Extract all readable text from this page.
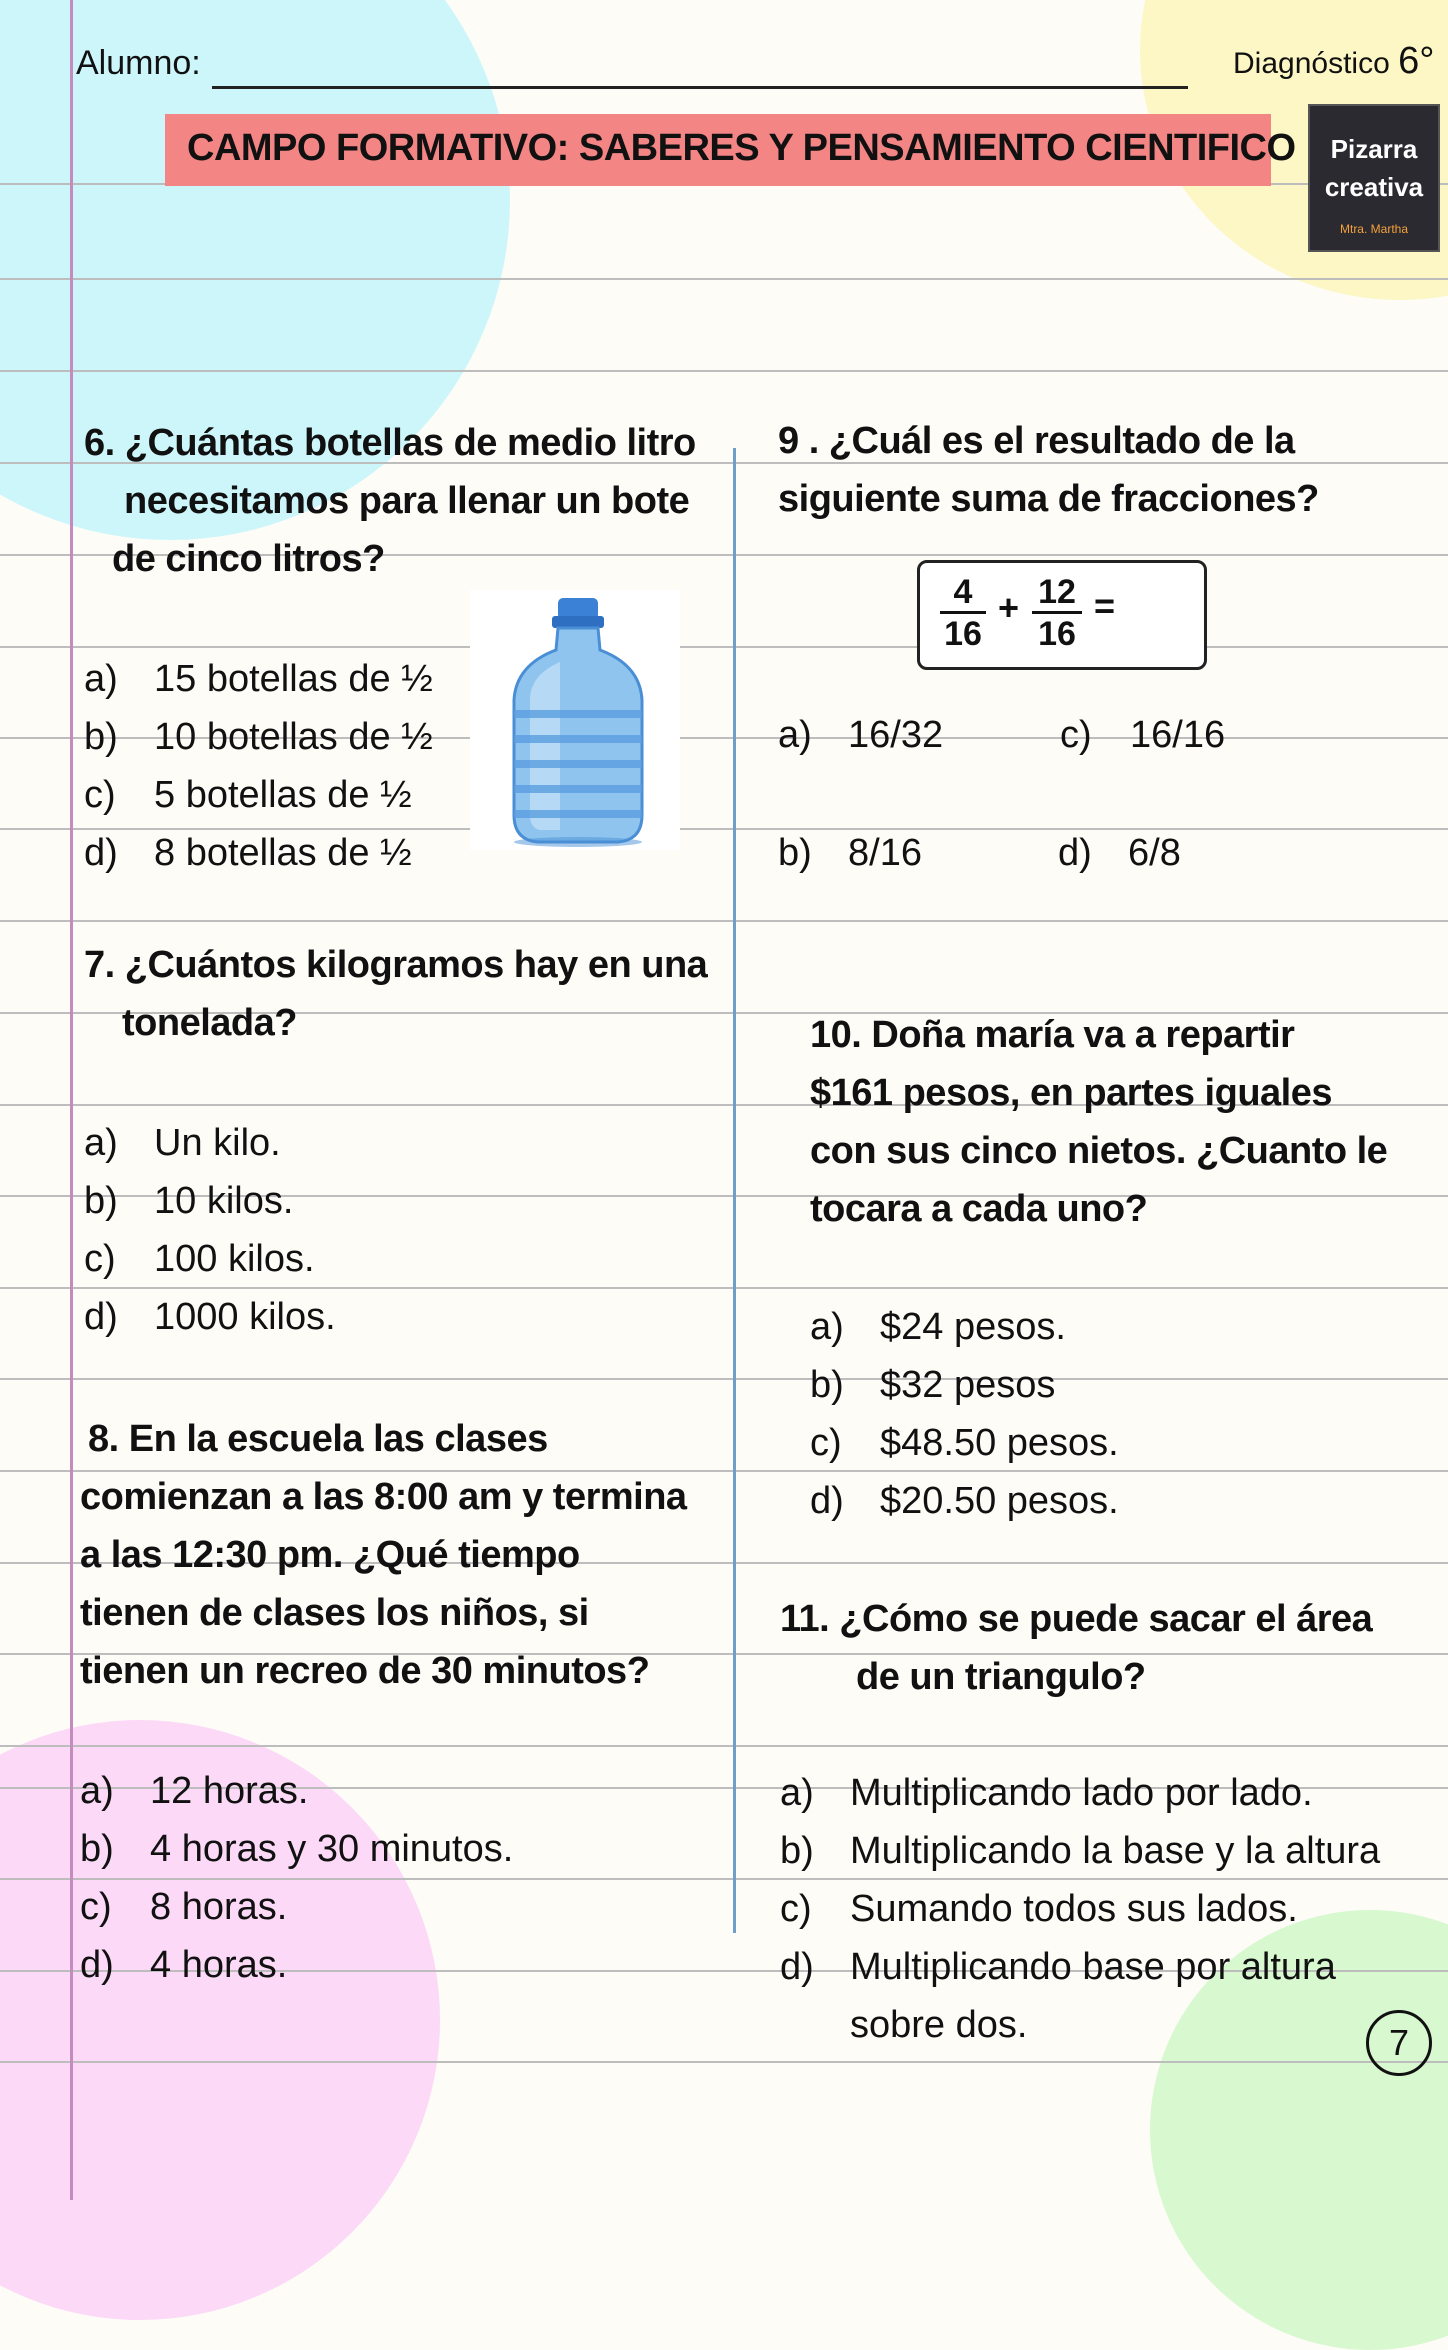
Alumno:	Diagnóstico 6°
CAMPO FORMATIVO: SABERES Y PENSAMIENTO CIENTIFICO	Pizarra
creativa
Mtra. Martha
6. ¿Cuántas botellas de medio litro
necesitamos para llenar un bote
de cinco litros?
a) 15 botellas de ½
b) 10 botellas de ½
c) 5 botellas de ½
d) 8 botellas de ½
7. ¿Cuántos kilogramos hay en una
tonelada?
a) Un kilo.
b) 10 kilos.
c) 100 kilos.
d) 1000 kilos.
8. En la escuela las clases
comienzan a las 8:00 am y termina
a las 12:30 pm. ¿Qué tiempo
tienen de clases los niños, si
tienen un recreo de 30 minutos?
a) 12 horas.
b) 4 horas y 30 minutos.
c) 8 horas.
d) 4 horas.
9 . ¿Cuál es el resultado de la
siguiente suma de fracciones?
$\frac{4}{16} + \frac{12}{16}$ =
a) 16/32	c) 16/16
b) 8/16	d) 6/8
10. Doña maría va a repartir
$161 pesos, en partes iguales
con sus cinco nietos. ¿Cuanto le
tocara a cada uno?
a) $24 pesos.
b) $32 pesos
c) $48.50 pesos.
d) $20.50 pesos.
11. ¿Cómo se puede sacar el área
de un triangulo?
a) Multiplicando lado por lado.
b) Multiplicando la base y la altura
c) Sumando todos sus lados.
d) Multiplicando base por altura
sobre dos.	7
